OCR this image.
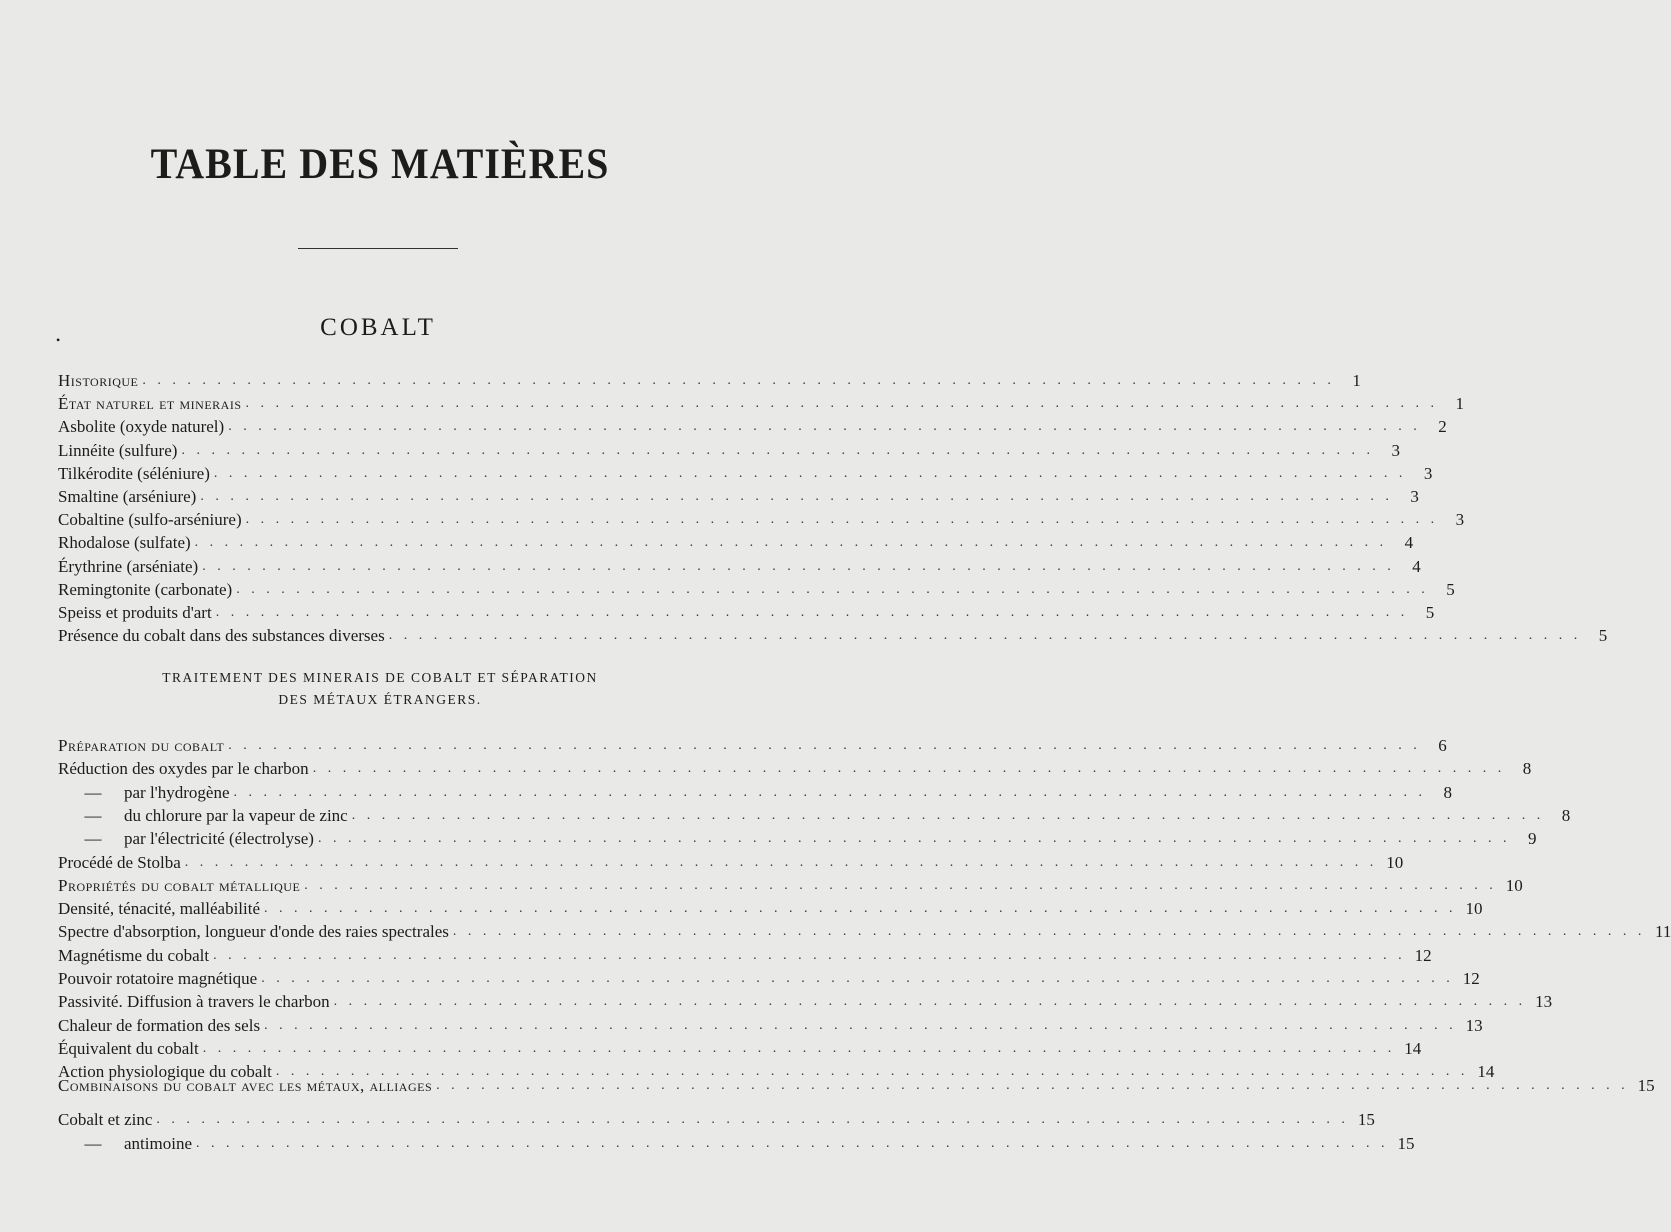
TABLE DES MATIÈRES
COBALT
•
Historique . . . . . . . . . . . . . . . . . . . . . . . . . . . . . . . . . . . . . . . . . . . . . . . . . . . . . . . . . . . . . . . . . . . . . . . . . . . . . . . .	1
État naturel et minerais . . . . . . . . . . . . . . . . . . . . . . . . . . . . . . . . . . . . . . . . . . . . . . . . . . . . . . . . . . . . . . . . . . . . . . . . . . . . . . . .	1
Asbolite (oxyde naturel) . . . . . . . . . . . . . . . . . . . . . . . . . . . . . . . . . . . . . . . . . . . . . . . . . . . . . . . . . . . . . . . . . . . . . . . . . . . . . . . .	2
Linnéite (sulfure) . . . . . . . . . . . . . . . . . . . . . . . . . . . . . . . . . . . . . . . . . . . . . . . . . . . . . . . . . . . . . . . . . . . . . . . . . . . . . . . .	3
Tilkérodite (séléniure) . . . . . . . . . . . . . . . . . . . . . . . . . . . . . . . . . . . . . . . . . . . . . . . . . . . . . . . . . . . . . . . . . . . . . . . . . . . . . . . .	3
Smaltine (arséniure) . . . . . . . . . . . . . . . . . . . . . . . . . . . . . . . . . . . . . . . . . . . . . . . . . . . . . . . . . . . . . . . . . . . . . . . . . . . . . . . .	3
Cobaltine (sulfo-arséniure) . . . . . . . . . . . . . . . . . . . . . . . . . . . . . . . . . . . . . . . . . . . . . . . . . . . . . . . . . . . . . . . . . . . . . . . . . . . . . . . .	3
Rhodalose (sulfate) . . . . . . . . . . . . . . . . . . . . . . . . . . . . . . . . . . . . . . . . . . . . . . . . . . . . . . . . . . . . . . . . . . . . . . . . . . . . . . . .	4
Érythrine (arséniate) . . . . . . . . . . . . . . . . . . . . . . . . . . . . . . . . . . . . . . . . . . . . . . . . . . . . . . . . . . . . . . . . . . . . . . . . . . . . . . . .	4
Remingtonite (carbonate) . . . . . . . . . . . . . . . . . . . . . . . . . . . . . . . . . . . . . . . . . . . . . . . . . . . . . . . . . . . . . . . . . . . . . . . . . . . . . . . .	5
Speiss et produits d'art . . . . . . . . . . . . . . . . . . . . . . . . . . . . . . . . . . . . . . . . . . . . . . . . . . . . . . . . . . . . . . . . . . . . . . . . . . . . . . . .	5
Présence du cobalt dans des substances diverses . . . . . . . . . . . . . . . . . . . . . . . . . . . . . . . . . . . . . . . . . . . . . . . . . . . . . . . . . . . . . . . . . . . . . . . . . . . . . . . .	5
TRAITEMENT DES MINERAIS DE COBALT ET SÉPARATION
DES MÉTAUX ÉTRANGERS.
Préparation du cobalt . . . . . . . . . . . . . . . . . . . . . . . . . . . . . . . . . . . . . . . . . . . . . . . . . . . . . . . . . . . . . . . . . . . . . . . . . . . . . . . .	6
Réduction des oxydes par le charbon . . . . . . . . . . . . . . . . . . . . . . . . . . . . . . . . . . . . . . . . . . . . . . . . . . . . . . . . . . . . . . . . . . . . . . . . . . . . . . . .	8
— par l'hydrogène . . . . . . . . . . . . . . . . . . . . . . . . . . . . . . . . . . . . . . . . . . . . . . . . . . . . . . . . . . . . . . . . . . . . . . . . . . . . . . . .	8
— du chlorure par la vapeur de zinc . . . . . . . . . . . . . . . . . . . . . . . . . . . . . . . . . . . . . . . . . . . . . . . . . . . . . . . . . . . . . . . . . . . . . . . . . . . . . . . .	8
— par l'électricité (électrolyse) . . . . . . . . . . . . . . . . . . . . . . . . . . . . . . . . . . . . . . . . . . . . . . . . . . . . . . . . . . . . . . . . . . . . . . . . . . . . . . . .	9
Procédé de Stolba . . . . . . . . . . . . . . . . . . . . . . . . . . . . . . . . . . . . . . . . . . . . . . . . . . . . . . . . . . . . . . . . . . . . . . . . . . . . . . . . 10
Propriétés du cobalt métallique . . . . . . . . . . . . . . . . . . . . . . . . . . . . . . . . . . . . . . . . . . . . . . . . . . . . . . . . . . . . . . . . . . . . . . . . . . . . . . . . 10
Densité, ténacité, malléabilité . . . . . . . . . . . . . . . . . . . . . . . . . . . . . . . . . . . . . . . . . . . . . . . . . . . . . . . . . . . . . . . . . . . . . . . . . . . . . . . . 10
Spectre d'absorption, longueur d'onde des raies spectrales . . . . . . . . . . . . . . . . . . . . . . . . . . . . . . . . . . . . . . . . . . . . . . . . . . . . . . . . . . . . . . . . . . . . . . . . . . . . . . . . 11
Magnétisme du cobalt . . . . . . . . . . . . . . . . . . . . . . . . . . . . . . . . . . . . . . . . . . . . . . . . . . . . . . . . . . . . . . . . . . . . . . . . . . . . . . . . 12
Pouvoir rotatoire magnétique . . . . . . . . . . . . . . . . . . . . . . . . . . . . . . . . . . . . . . . . . . . . . . . . . . . . . . . . . . . . . . . . . . . . . . . . . . . . . . . . 12
Passivité. Diffusion à travers le charbon . . . . . . . . . . . . . . . . . . . . . . . . . . . . . . . . . . . . . . . . . . . . . . . . . . . . . . . . . . . . . . . . . . . . . . . . . . . . . . . . 13
Chaleur de formation des sels . . . . . . . . . . . . . . . . . . . . . . . . . . . . . . . . . . . . . . . . . . . . . . . . . . . . . . . . . . . . . . . . . . . . . . . . . . . . . . . . 13
Équivalent du cobalt . . . . . . . . . . . . . . . . . . . . . . . . . . . . . . . . . . . . . . . . . . . . . . . . . . . . . . . . . . . . . . . . . . . . . . . . . . . . . . . . 14
Action physiologique du cobalt . . . . . . . . . . . . . . . . . . . . . . . . . . . . . . . . . . . . . . . . . . . . . . . . . . . . . . . . . . . . . . . . . . . . . . . . . . . . . . . . 14
Combinaisons du cobalt avec les métaux, alliages . . . . . . . . . . . . . . . . . . . . . . . . . . . . . . . . . . . . . . . . . . . . . . . . . . . . . . . . . . . . . . . . . . . . . . . . . . . . . . . . 15
Cobalt et zinc . . . . . . . . . . . . . . . . . . . . . . . . . . . . . . . . . . . . . . . . . . . . . . . . . . . . . . . . . . . . . . . . . . . . . . . . . . . . . . . . 15
— antimoine . . . . . . . . . . . . . . . . . . . . . . . . . . . . . . . . . . . . . . . . . . . . . . . . . . . . . . . . . . . . . . . . . . . . . . . . . . . . . . . . 15
